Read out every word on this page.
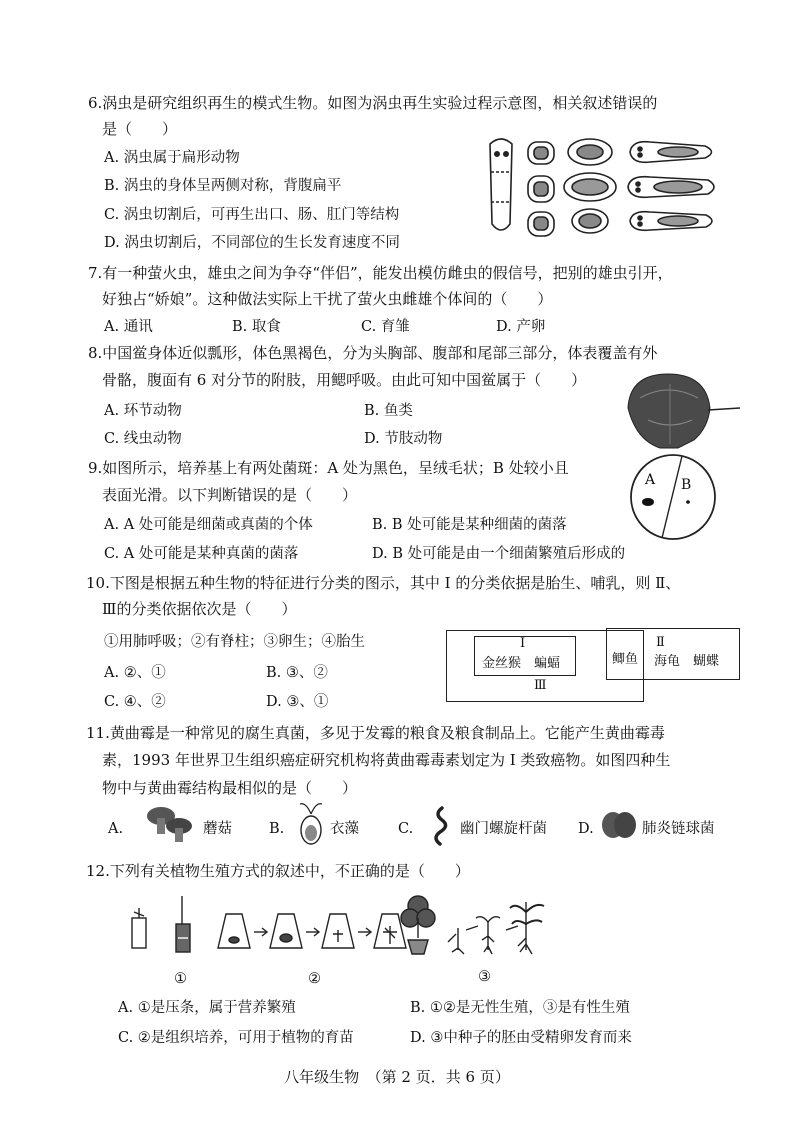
6.涡虫是研究组织再生的模式生物。如图为涡虫再生实验过程示意图，相关叙述错误的
是（　　）
A. 涡虫属于扁形动物
B. 涡虫的身体呈两侧对称，背腹扁平
C. 涡虫切割后，可再生出口、肠、肛门等结构
D. 涡虫切割后，不同部位的生长发育速度不同
7.有一种萤火虫，雄虫之间为争夺“伴侣”，能发出模仿雌虫的假信号，把别的雄虫引开，
好独占“娇娘”。这种做法实际上干扰了萤火虫雌雄个体间的（　　）
A. 通讯	B. 取食	C. 育雏	D. 产卵
8.中国鲎身体近似瓢形，体色黑褐色，分为头胸部、腹部和尾部三部分，体表覆盖有外
骨骼，腹面有 6 对分节的附肢，用鳃呼吸。由此可知中国鲎属于（　　）
A. 环节动物	B. 鱼类
C. 线虫动物	D. 节肢动物
9.如图所示，培养基上有两处菌斑：A 处为黑色，呈绒毛状；B 处较小且
表面光滑。以下判断错误的是（　　）
A. A 处可能是细菌或真菌的个体	B. B 处可能是某种细菌的菌落
C. A 处可能是某种真菌的菌落	D. B 处可能是由一个细菌繁殖后形成的
A B
10.下图是根据五种生物的特征进行分类的图示，其中 Ⅰ 的分类依据是胎生、哺乳，则 Ⅱ、
Ⅲ的分类依据依次是（　　）
①用肺呼吸；②有脊柱；③卵生；④胎生
A. ②、①	B. ③、②
C. ④、②	D. ③、①
Ⅰ
金丝猴　蝙蝠
Ⅲ
鲫鱼
Ⅱ
海龟　蝴蝶
11.黄曲霉是一种常见的腐生真菌，多见于发霉的粮食及粮食制品上。它能产生黄曲霉毒
素，1993 年世界卫生组织癌症研究机构将黄曲霉毒素划定为 Ⅰ 类致癌物。如图四种生
物中与黄曲霉结构最相似的是（　　）
A.	蘑菇	B.	衣藻	C.	幽门螺旋杆菌 D.	肺炎链球菌
12.下列有关植物生殖方式的叙述中，不正确的是（　　）
①	②	③
A. ①是压条，属于营养繁殖	B. ①②是无性生殖，③是有性生殖
C. ②是组织培养，可用于植物的育苗	D. ③中种子的胚由受精卵发育而来
八年级生物　（第 2 页．共 6 页）
